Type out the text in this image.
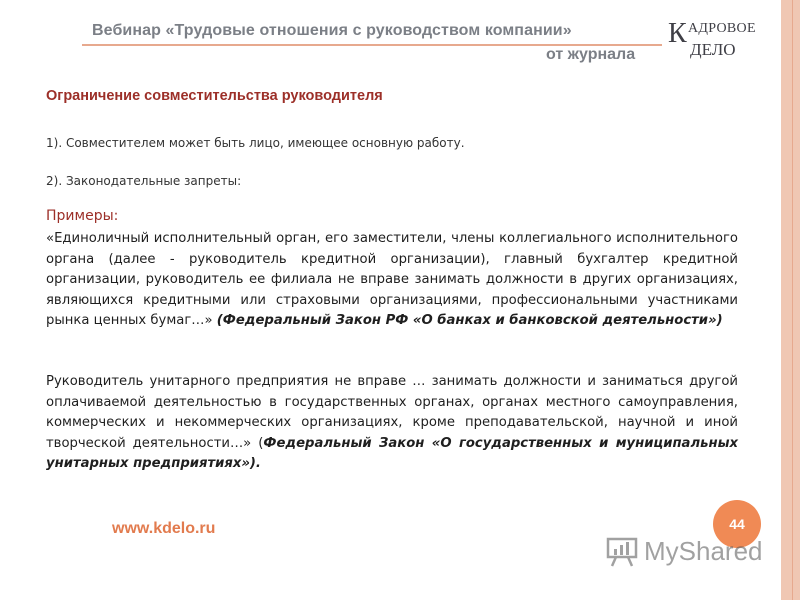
Вебинар «Трудовые отношения с руководством компании»
от журнала
КАДРОВОЕ
ДЕЛО
Ограничение совместительства руководителя
1). Совместителем может быть лицо, имеющее основную работу.
2). Законодательные запреты:
Примеры:
«Единоличный исполнительный орган, его заместители, члены коллегиального исполнительного органа (далее - руководитель кредитной организации), главный бухгалтер кредитной организации, руководитель ее филиала не вправе занимать должности в других организациях, являющихся кредитными или страховыми организациями, профессиональными участниками рынка ценных бумаг…» (Федеральный Закон РФ «О банках и банковской деятельности»)
Руководитель унитарного предприятия не вправе … занимать должности и заниматься другой оплачиваемой деятельностью в государственных органах, органах местного самоуправления, коммерческих и некоммерческих организациях, кроме преподавательской, научной и иной творческой деятельности…» (Федеральный Закон «О государственных и муниципальных унитарных предприятиях»).
www.kdelo.ru	44
MyShared
